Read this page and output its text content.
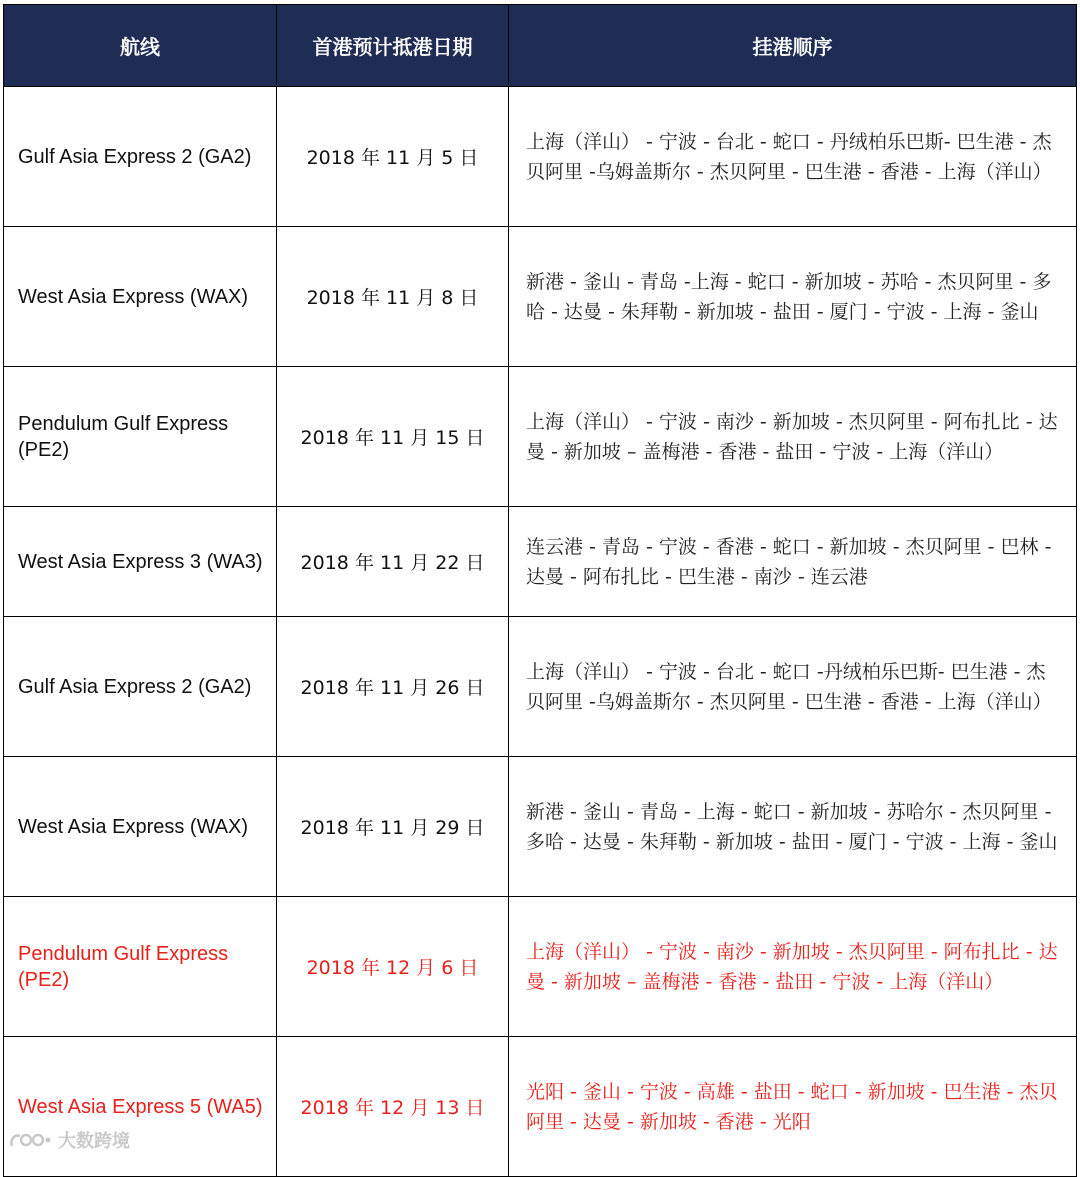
航线	首港预计抵港日期	挂港顺序
Gulf Asia Express 2 (GA2)	2018 年 11 月 5 日	上海（洋山） - 宁波 - 台北 - 蛇口 - 丹绒柏乐巴斯- 巴生港 - 杰贝阿里 -乌姆盖斯尔 - 杰贝阿里 - 巴生港 - 香港 - 上海（洋山）
West Asia Express (WAX)	2018 年 11 月 8 日	新港 - 釜山 - 青岛 -上海 - 蛇口 - 新加坡 - 苏哈 - 杰贝阿里 - 多哈 - 达曼 - 朱拜勒 - 新加坡 - 盐田 - 厦门 - 宁波 - 上海 - 釜山
Pendulum Gulf Express (PE2)	2018 年 11 月 15 日	上海（洋山） - 宁波 - 南沙 - 新加坡 - 杰贝阿里 - 阿布扎比 - 达曼 - 新加坡 – 盖梅港 - 香港 - 盐田 - 宁波 - 上海（洋山）
West Asia Express 3 (WA3)	2018 年 11 月 22 日	连云港 - 青岛 - 宁波 - 香港 - 蛇口 - 新加坡 - 杰贝阿里 - 巴林 - 达曼 - 阿布扎比 - 巴生港 - 南沙 - 连云港
Gulf Asia Express 2 (GA2)	2018 年 11 月 26 日	上海（洋山） - 宁波 - 台北 - 蛇口 -丹绒柏乐巴斯- 巴生港 - 杰贝阿里 -乌姆盖斯尔 - 杰贝阿里 - 巴生港 - 香港 - 上海（洋山）
West Asia Express (WAX)	2018 年 11 月 29 日	新港 - 釜山 - 青岛 - 上海 - 蛇口 - 新加坡 - 苏哈尔 - 杰贝阿里 - 多哈 - 达曼 - 朱拜勒 - 新加坡 - 盐田 - 厦门 - 宁波 - 上海 - 釜山
Pendulum Gulf Express (PE2)	2018 年 12 月 6 日	上海（洋山） - 宁波 - 南沙 - 新加坡 - 杰贝阿里 - 阿布扎比 - 达曼 - 新加坡 – 盖梅港 - 香港 - 盐田 - 宁波 - 上海（洋山）
West Asia Express 5 (WA5)	2018 年 12 月 13 日	光阳 - 釜山 - 宁波 - 高雄 - 盐田 - 蛇口 - 新加坡 - 巴生港 - 杰贝阿里 - 达曼 - 新加坡 - 香港 - 光阳
大数跨境
